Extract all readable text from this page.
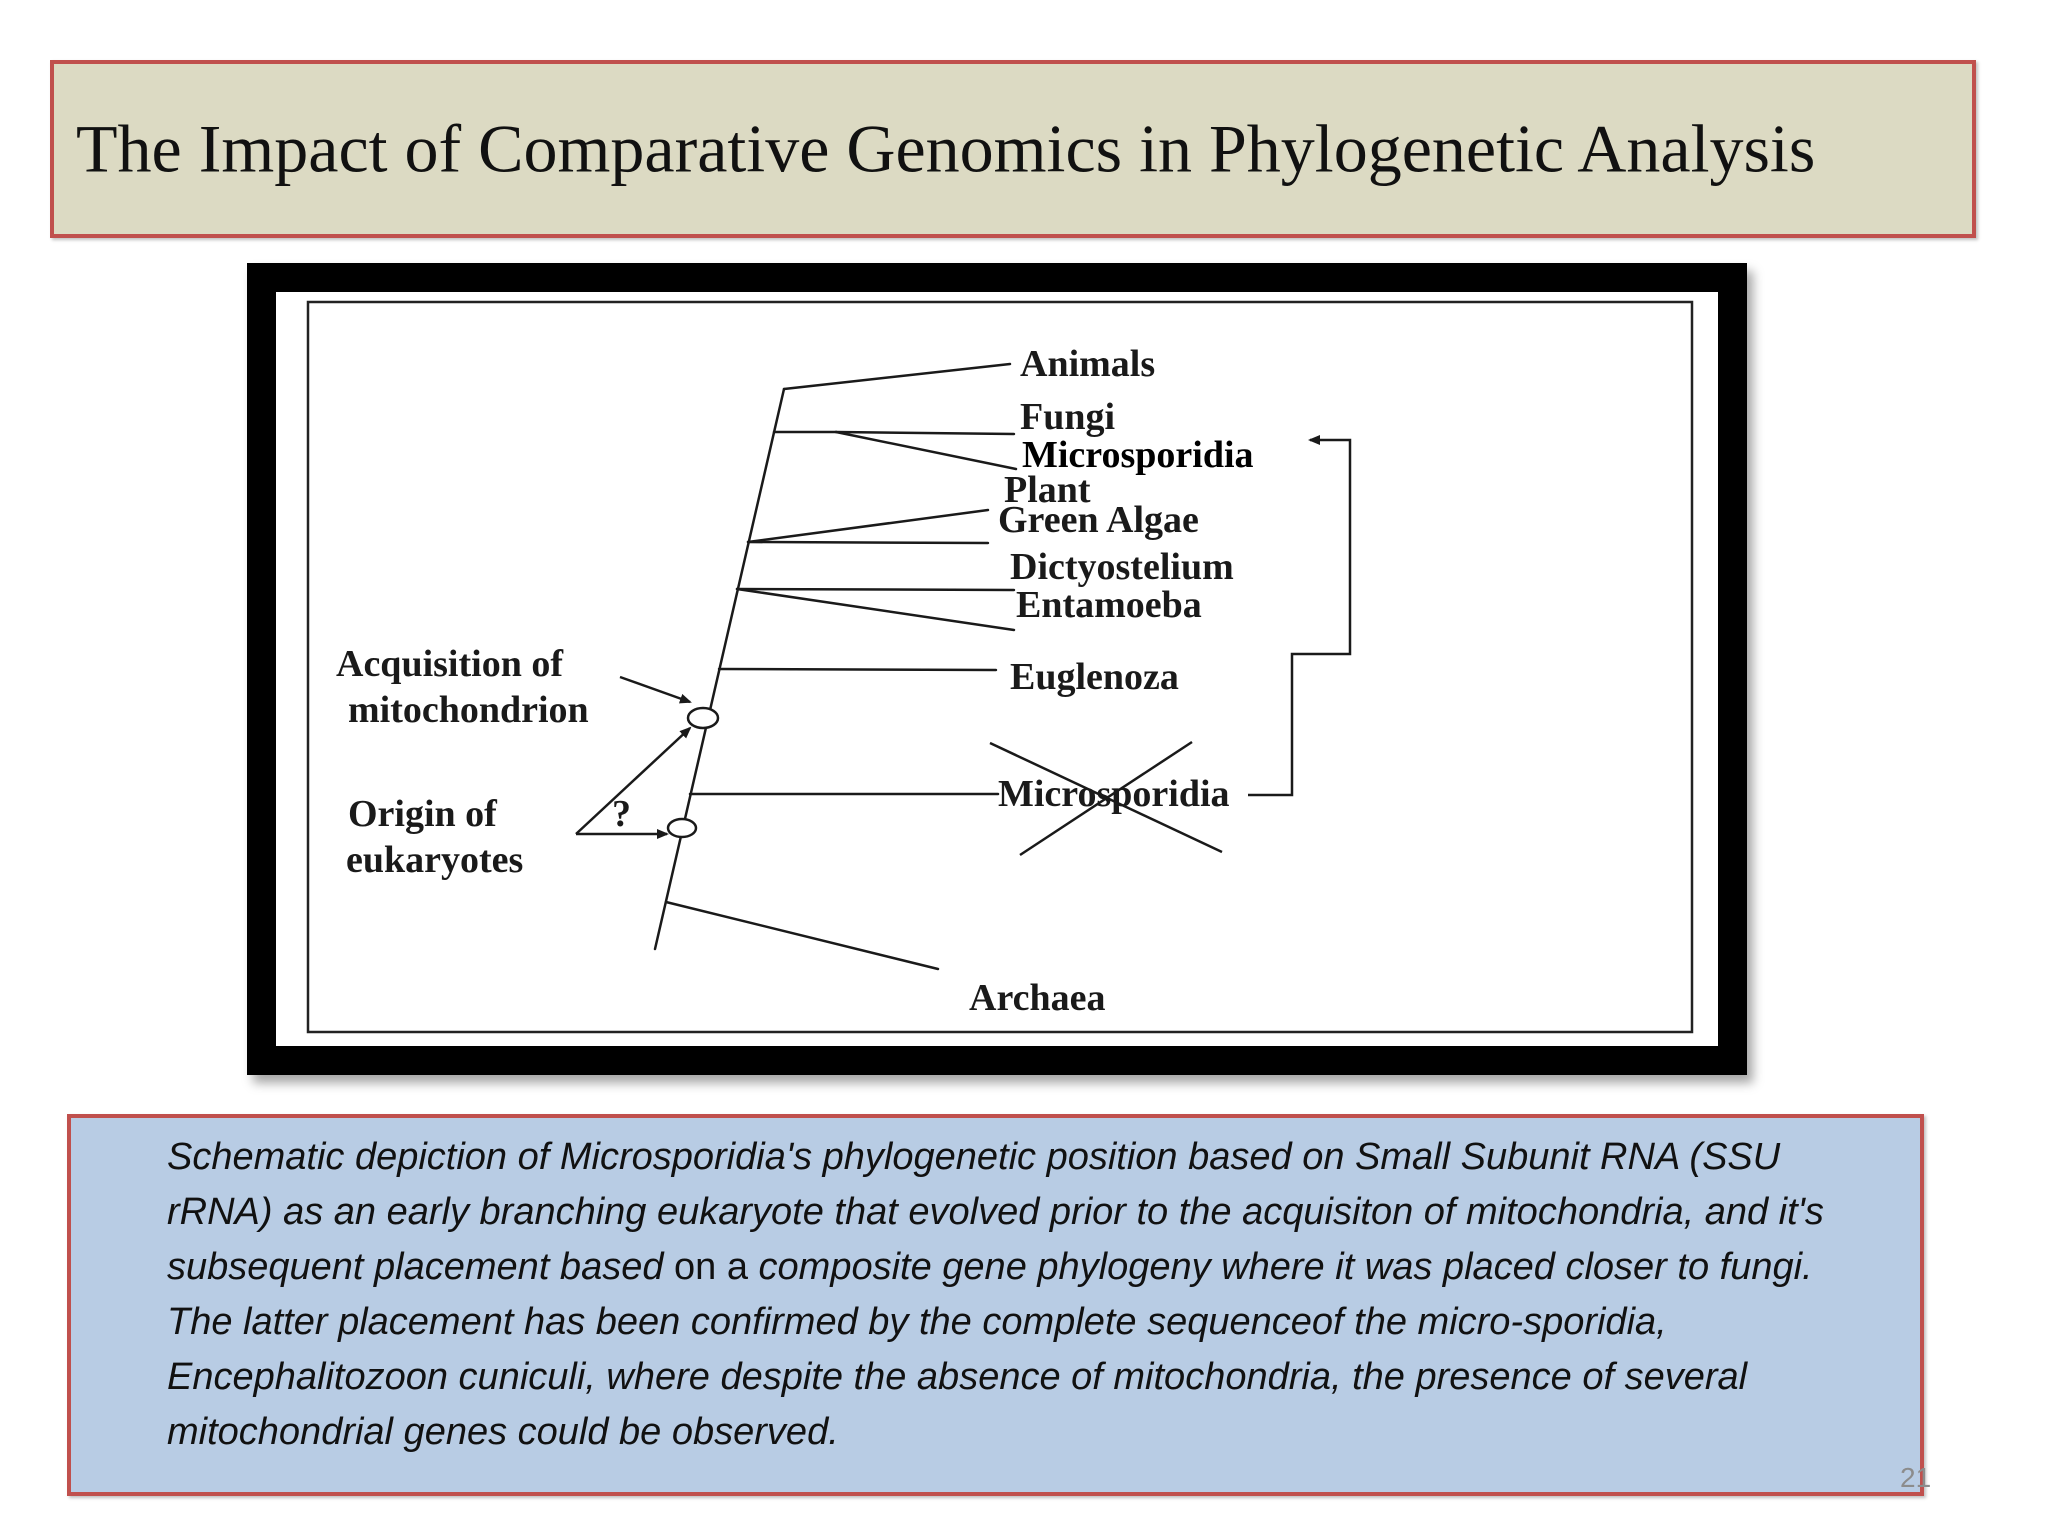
The Impact of Comparative Genomics in Phylogenetic Analysis
Animals
Fungi
Microsporidia
Plant
Green Algae
Dictyostelium
Entamoeba
Euglenoza
Microsporidia
Archaea
Acquisition of
mitochondrion
Origin of
eukaryotes
?

Schematic depiction of Microsporidia's phylogenetic position based on Small Subunit RNA (SSU rRNA) as an early branching eukaryote that evolved prior to the acquisiton of mitochondria, and it's subsequent placement based on a composite gene phylogeny where it was placed closer to fungi. The latter placement has been confirmed by the complete sequenceof the micro-sporidia, Encephalitozoon cuniculi, where despite the absence of mitochondria, the presence of several mitochondrial genes could be observed.

21
